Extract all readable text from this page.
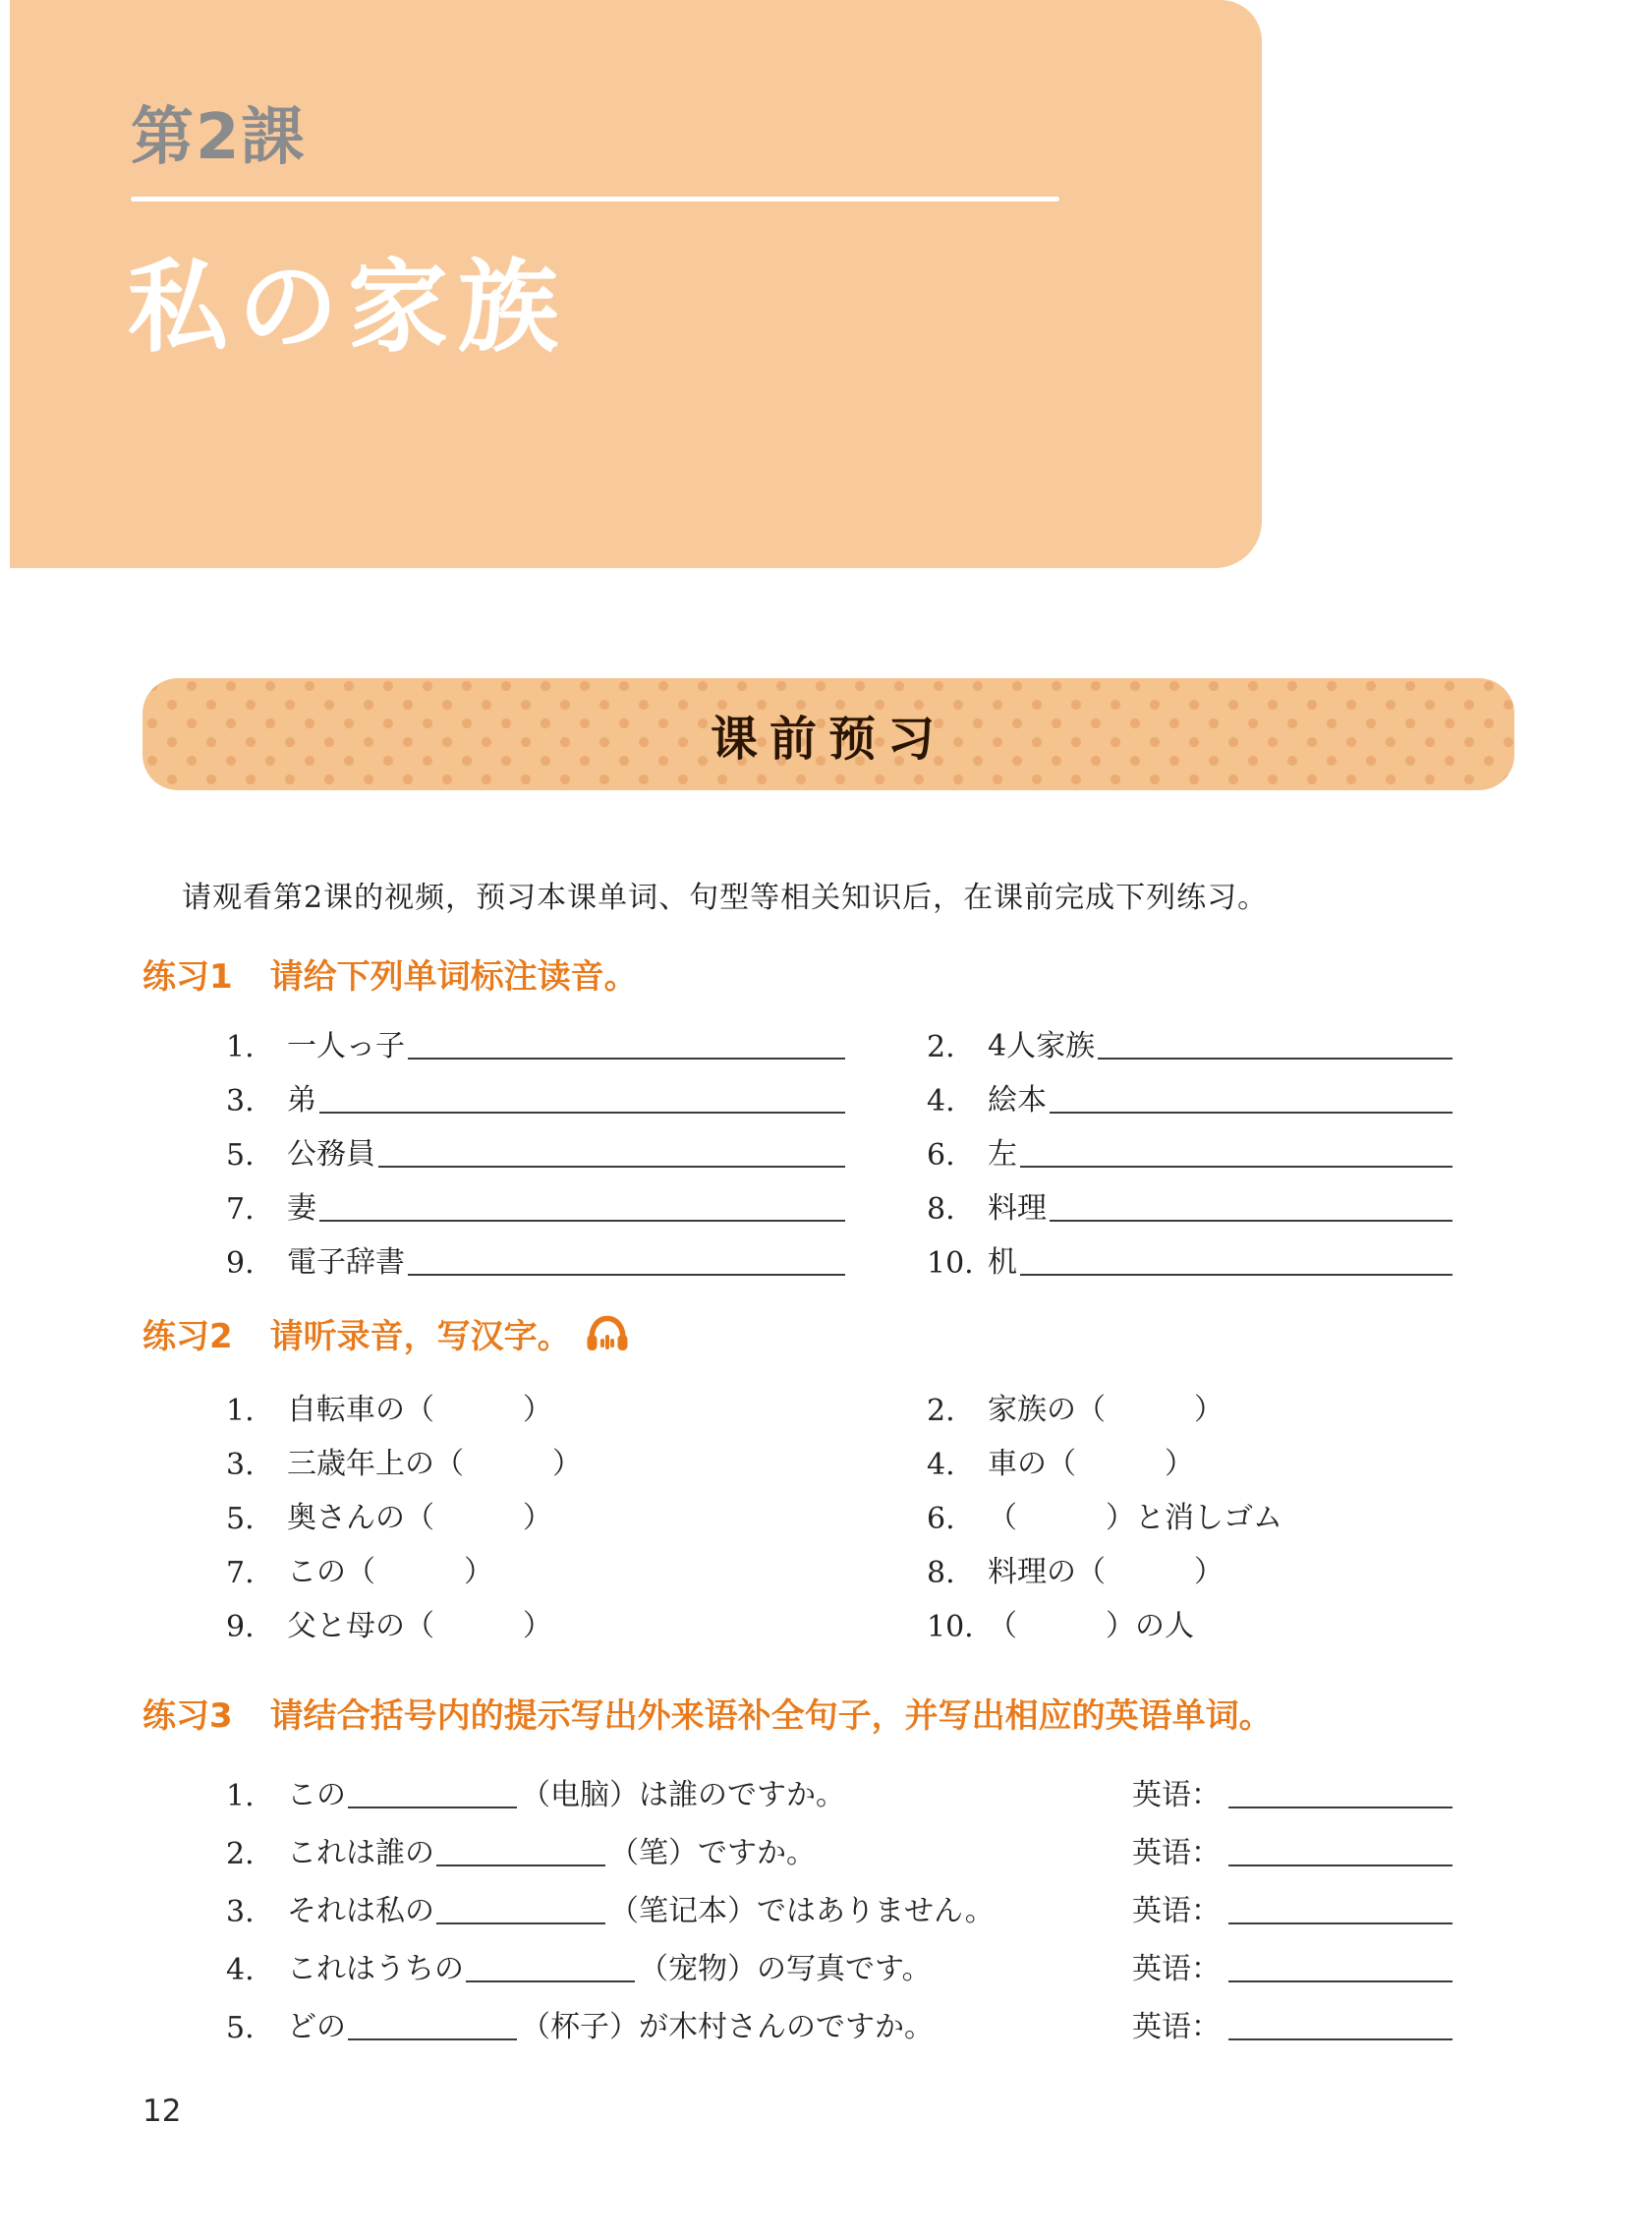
第2課
私の家族
课前预习
请观看第2课的视频，预习本课单词、句型等相关知识后，在课前完成下列练习。
练习1 请给下列单词标注读音。
1.	一人っ子	2.	4人家族
3.	弟	4.	絵本
5.	公務員	6.	左
7.	妻	8.	料理
9.	電子辞書	10. 机
练习2 请听录音，写汉字。
1.	自転車の（　　　）	2.	家族の（　　　）
3.	三歳年上の（　　　）	4.	車の（　　　）
5.	奥さんの（　　　）	6.	（　　　）と消しゴム
7.	この（　　　）	8.	料理の（　　　）
9.	父と母の（　　　）	10. （　　　）の人
练习3 请结合括号内的提示写出外来语补全句子，并写出相应的英语单词。
1.	この	（电脑）は誰のですか。	英语：
2.	これは誰の	（笔）ですか。	英语：
3.	それは私の	（笔记本）ではありません。	英语：
4.	これはうちの	（宠物）の写真です。	英语：
5.	どの	（杯子）が木村さんのですか。	英语：
12
